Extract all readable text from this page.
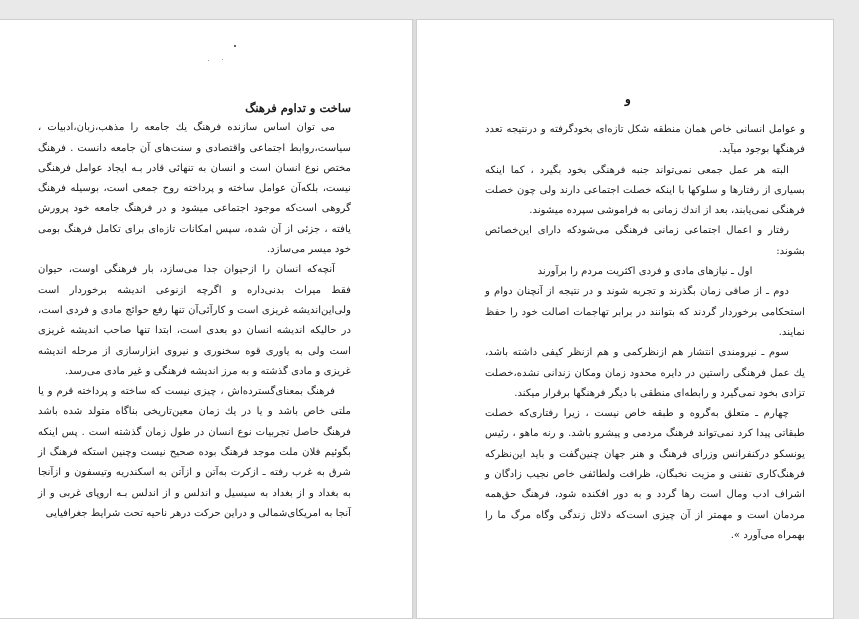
ساخت و تداوم فرهنگ

می توان اساس سازنده فرهنگ یك جامعه را مذهب،زبان،ادبیات ، سیاست،روابط اجتماعی واقتصادی و سنت‌های آن جامعه دانست . فرهنگ مختص نوع انسان است و انسان به تنهائی قادر بـه ایجاد عوامل فرهنگی نیست، بلکه‌آن عوامل ساخته و پرداخته روح جمعی است، بوسیله فرهنگ گروهی است‌که موجود اجتماعی میشود و در فرهنگ جامعه خود پرورش یافته ، جزئی از آن شده، سپس امکانات تازه‌ای برای تکامل فرهنگ بومی خود میسر می‌سازد.

آنچه‌که انسان را ازحیوان جدا می‌سازد، بار فرهنگی اوست، حیوان فقط میراث بدنی‌داره و اگرچه ازنوعی اندیشه برخوردار است ولی‌این‌اندیشه غریزی است و کارآئی‌آن تنها رفع حوائج مادی و فردی است، در حالیکه اندیشه انسان دو بعدی است، ابتدا تنها صاحب اندیشه غریزی است ولی به یاوری قوه سخنوری و نیروی ابزارسازی از مرحله اندیشه غریزی و مادی گذشته و به مرز اندیشه فرهنگی و غیر مادی می‌رسد.

فرهنگ بمعنای‌گسترده‌اش ، چیزی نیست که ساخته و پرداخته قرم و یا ملتی خاص باشد و یا در یك زمان معین‌تاریخی بناگاه متولد شده باشد فرهنگ حاصل تجربیات نوع انسان در طول زمان گذشته است . پس اینکه بگوئیم فلان ملت موجد فرهنگ بوده صحیح نیست وچنین استکه فرهنگ از شرق به غرب رفته ـ ازکرت به‌آتن و ازآتن به اسکندریه وتیسفون و ازآنجا به بغداد و از بغداد به سیسیل و اندلس و از اندلس بـه اروپای غربی و از آنجا به امریکای‌شمالی و دراین حرکت درهر ناحیه تحت شرایط جغرافیایی

و

و عوامل انسانی خاص همان منطقه شکل تازه‌ای بخودگرفته و درنتیجه تعدد فرهنگها بوجود میآید.

البته هر عمل جمعی نمی‌تواند جنبه فرهنگی بخود بگیرد ، کما اینکه بسیاری از رفتارها و سلوکها با اینکه خصلت اجتماعی دارند ولی چون خصلت فرهنگی نمی‌یابند، بعد از اندك زمانی به فراموشی سپرده میشوند.

رفتار و اعمال اجتماعی زمانی فرهنگی می‌شودکه دارای این‌خصائص بشوند:

اول ـ نیازهای مادی و فردی اکثریت مردم را برآورند

دوم ـ از صافی زمان بگذرند و تجربه شوند و در نتیجه از آنچنان دوام و استحکامی برخوردار گردند که بتوانند در برابر تهاجمات اصالت خود را حفظ نمایند.

سوم ـ نیرومندی انتشار هم ازنظرکمی و هم ازنظر کیفی داشته باشد، یك عمل فرهنگی راستین در دایره محدود زمان ومکان زندانی نشده،خصلت تزادی بخود نمی‌گیرد و رابطه‌ای منطقی با دیگر فرهنگها برقرار میکند.

چهارم ـ متعلق به‌گروه و طبقه خاص نیست ، زیرا رفتاری‌که خصلت طبقاتی پیدا کرد نمی‌تواند فرهنگ مردمی و پیشرو باشد. و رنه ماهو ، رئیس یونسکو درکنفرانس وزرای فرهنگ و هنر جهان چنین‌گفت و باید این‌نظرکه فرهنگ‌کاری تفننی و مزیت نخبگان، ظرافت ولطائفی خاص نجیب زادگان و اشراف ادب ومال است رها گردد و به دور افکنده شود، فرهنگ حق‌همه مردمان است و مهمتر از آن چیزی است‌که دلائل زندگی وگاه مرگ ما را بهمراه می‌آورد ».
